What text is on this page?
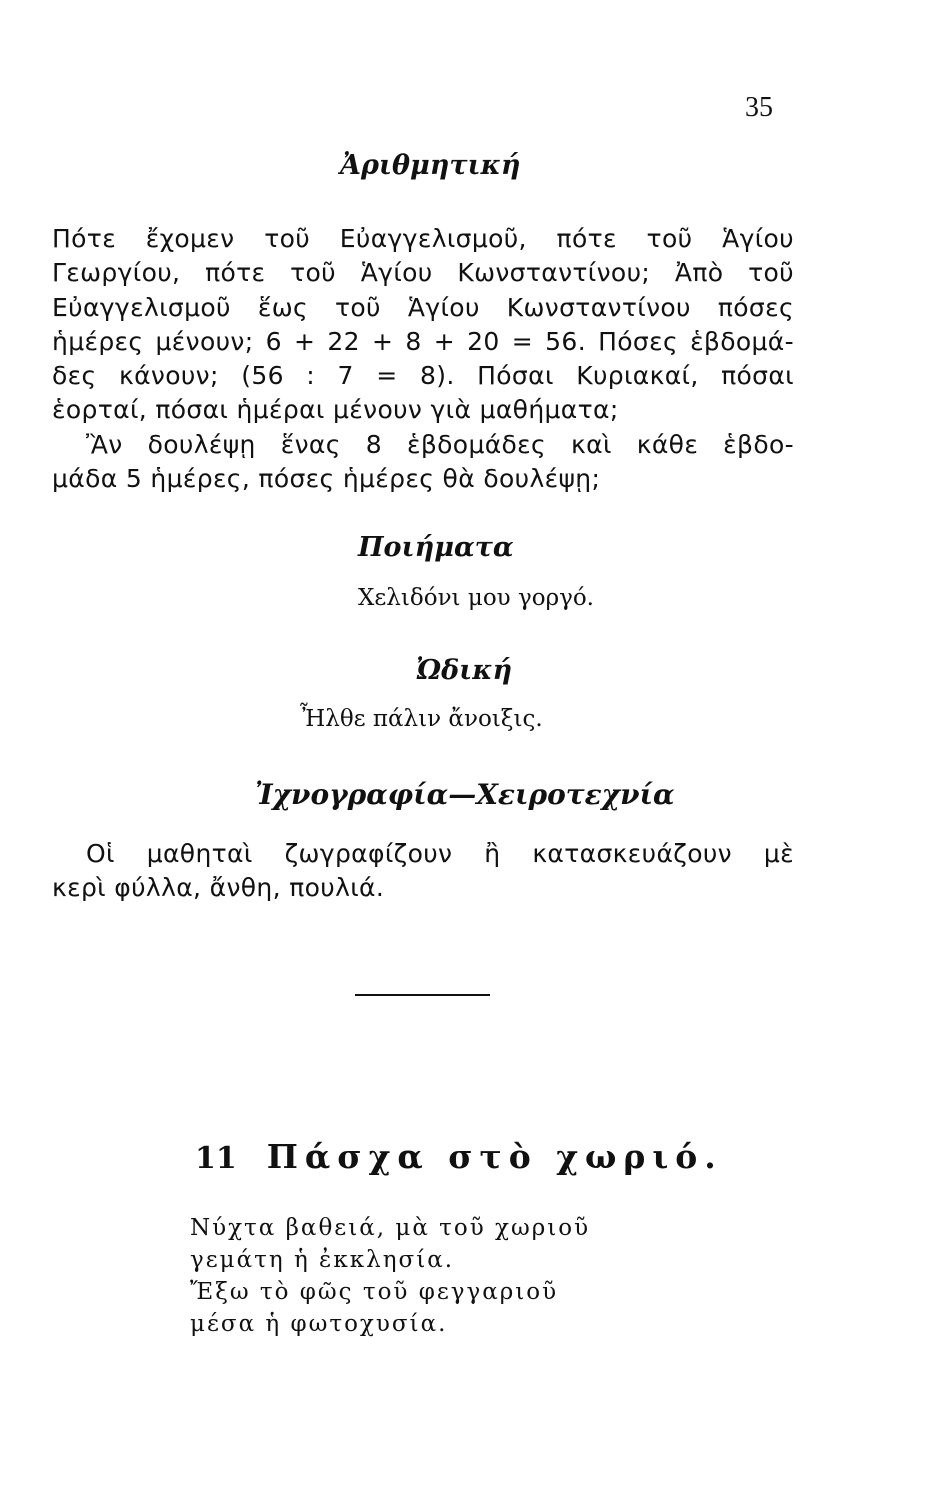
35
Ἀριθμητική
Πότε ἔχομεν τοῦ Εὐαγγελισμοῦ, πότε τοῦ Ἁγίου
Γεωργίου, πότε τοῦ Ἁγίου Κωνσταντίνου; Ἀπὸ τοῦ
Εὐαγγελισμοῦ ἕως τοῦ Ἁγίου Κωνσταντίνου πόσες
ἡμέρες μένουν; 6 + 22 + 8 + 20 = 56. Πόσες ἑβδομά-
δες κάνουν; (56 : 7 = 8). Πόσαι Κυριακαί, πόσαι
ἑορταί, πόσαι ἡμέραι μένουν γιὰ μαθήματα;
Ἂν δουλέψῃ ἕνας 8 ἑβδομάδες καὶ κάθε ἑβδο-
μάδα 5 ἡμέρες, πόσες ἡμέρες θὰ δουλέψῃ;
Ποιήματα
Χελιδόνι μου γοργό.
Ὠδική
Ἦλθε πάλιν ἄνοιξις.
Ἰχνογραφία—Χειροτεχνία
Οἱ μαθηταὶ ζωγραφίζουν ἢ κατασκευάζουν μὲ
κερὶ φύλλα, ἄνθη, πουλιά.
11 Πάσχα στὸ χωριό.
Νύχτα βαθειά, μὰ τοῦ χωριοῦ
γεμάτη ἡ ἐκκλησία.
Ἔξω τὸ φῶς τοῦ φεγγαριοῦ
μέσα ἡ φωτοχυσία.
